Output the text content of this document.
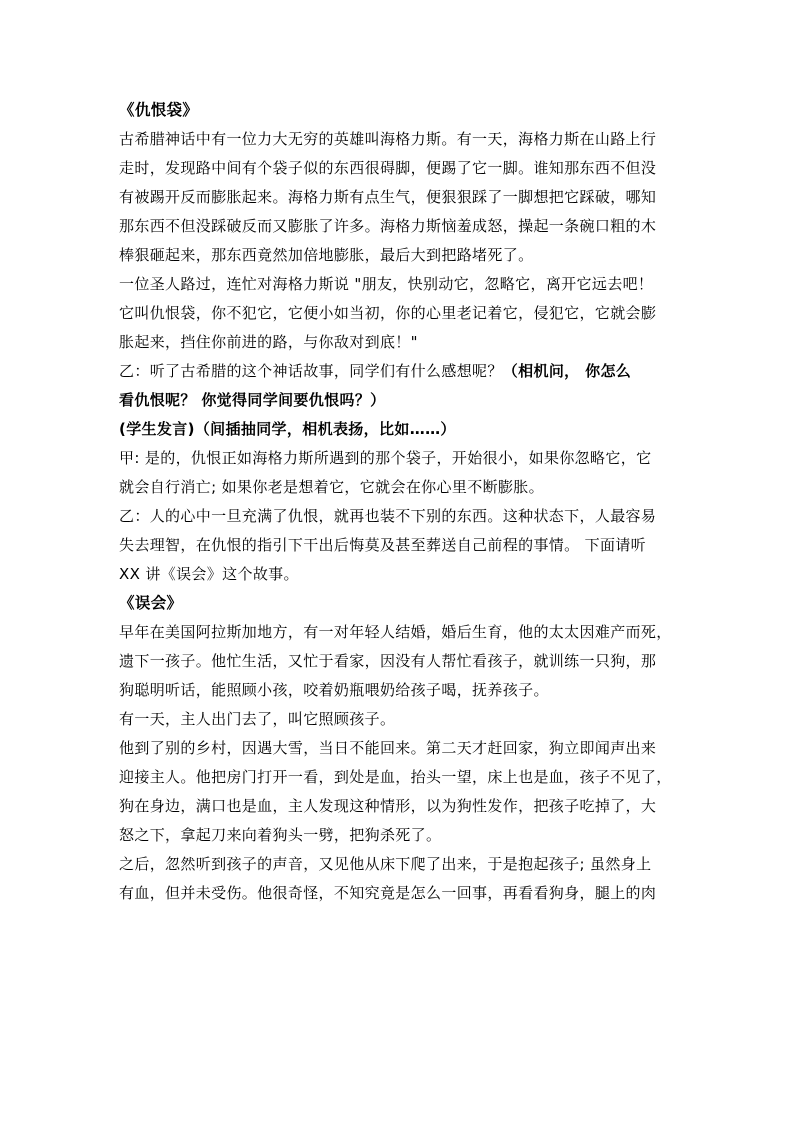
《仇恨袋》
古希腊神话中有一位力大无穷的英雄叫海格力斯。有一天，海格力斯在山路上行
走时，发现路中间有个袋子似的东西很碍脚，便踢了它一脚。谁知那东西不但没
有被踢开反而膨胀起来。海格力斯有点生气，便狠狠踩了一脚想把它踩破，哪知
那东西不但没踩破反而又膨胀了许多。海格力斯恼羞成怒，操起一条碗口粗的木
棒狠砸起来，那东西竟然加倍地膨胀，最后大到把路堵死了。
一位圣人路过，连忙对海格力斯说 "朋友，快别动它，忽略它，离开它远去吧！
它叫仇恨袋，你不犯它，它便小如当初，你的心里老记着它，侵犯它，它就会膨
胀起来，挡住你前进的路，与你敌对到底！"
乙：听了古希腊的这个神话故事，同学们有什么感想呢？（相机问， 你怎么
看仇恨呢？ 你觉得同学间要仇恨吗？）
(学生发言)（间插抽同学，相机表扬，比如……）
甲: 是的，仇恨正如海格力斯所遇到的那个袋子，开始很小，如果你忽略它，它
就会自行消亡; 如果你老是想着它，它就会在你心里不断膨胀。
乙：人的心中一旦充满了仇恨，就再也装不下别的东西。这种状态下，人最容易
失去理智，在仇恨的指引下干出后悔莫及甚至葬送自己前程的事情。 下面请听
XX 讲《误会》这个故事。
《误会》
早年在美国阿拉斯加地方，有一对年轻人结婚，婚后生育，他的太太因难产而死，
遗下一孩子。他忙生活，又忙于看家，因没有人帮忙看孩子，就训练一只狗，那
狗聪明听话，能照顾小孩，咬着奶瓶喂奶给孩子喝，抚养孩子。
有一天，主人出门去了，叫它照顾孩子。
他到了别的乡村，因遇大雪，当日不能回来。第二天才赶回家，狗立即闻声出来
迎接主人。他把房门打开一看，到处是血，抬头一望，床上也是血，孩子不见了，
狗在身边，满口也是血，主人发现这种情形，以为狗性发作，把孩子吃掉了，大
怒之下，拿起刀来向着狗头一劈，把狗杀死了。
之后，忽然听到孩子的声音，又见他从床下爬了出来，于是抱起孩子; 虽然身上
有血，但并未受伤。他很奇怪，不知究竟是怎么一回事，再看看狗身，腿上的肉
